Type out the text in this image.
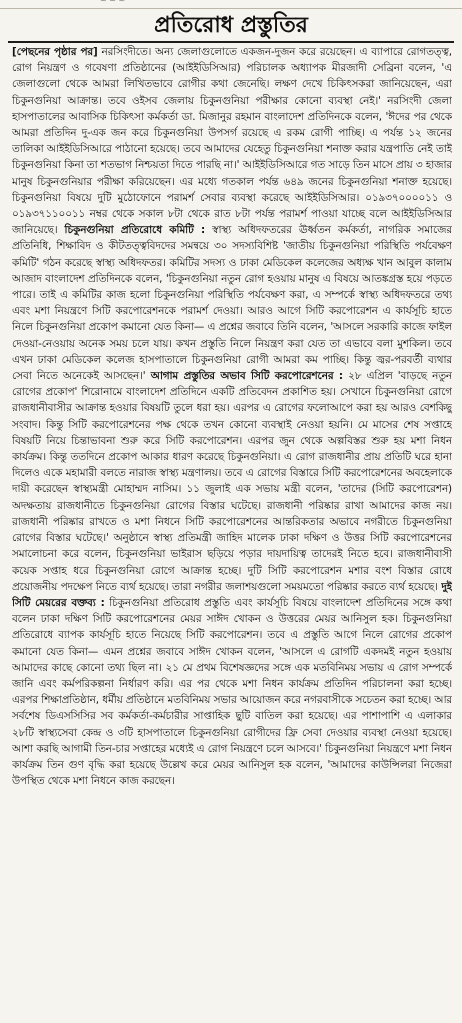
~ ~ ~
প্রতিরোধ প্রস্তুতির

[পেছনের পৃষ্ঠার পর] নরসিংদীতে। অন্য জেলাগুলোতে একজন-দুজন করে রয়েছেন। এ ব্যাপারে রোগতত্ত্ব, রোগ নিয়ন্ত্রণ ও গবেষণা প্রতিষ্ঠানের (আইইডিসিআর) পরিচালক অধ্যাপক মীরজাদী সেব্রিনা বলেন, 'এ জেলাগুলো থেকে আমরা লিখিতভাবে রোগীর কথা জেনেছি। লক্ষণ দেখে চিকিৎসকরা জানিয়েছেন, এরা চিকুনগুনিয়া আক্রান্ত। তবে ওইসব জেলায় চিকুনগুনিয়া পরীক্ষার কোনো ব্যবস্থা নেই।' নরসিংদী জেলা হাসপাতালের আবাসিক চিকিৎসা কর্মকর্তা ডা. মিজানুর রহমান বাংলাদেশ প্রতিদিনকে বলেন, 'ঈদের পর থেকে আমরা প্রতিদিন দু-এক জন করে চিকুনগুনিয়া উপসর্গ রয়েছে এ রকম রোগী পাচ্ছি। এ পর্যন্ত ১২ জনের তালিকা আইইডিসিআরে পাঠানো হয়েছে। তবে আমাদের যেহেতু চিকুনগুনিয়া শনাক্ত করার যন্ত্রপাতি নেই তাই চিকুনগুনিয়া কিনা তা শতভাগ নিশ্চয়তা দিতে পারছি না।' আইইডিসিআরে গত সাড়ে তিন মাসে প্রায় ৩ হাজার মানুষ চিকুনগুনিয়ার পরীক্ষা করিয়েছেন। এর মধ্যে গতকাল পর্যন্ত ৬৪৯ জনের চিকুনগুনিয়া শনাক্ত হয়েছে। চিকুনগুনিয়া বিষয়ে দুটি মুঠোফোনে পরামর্শ সেবার ব্যবস্থা করেছে আইইডিসিআর। ০১৯৩৭০০০০১১ ও ০১৯৩৭১১০০১১ নম্বর থেকে সকাল ৮টা থেকে রাত ৮টা পর্যন্ত পরামর্শ পাওয়া যাচ্ছে বলে আইইডিসিআর জানিয়েছে। চিকুনগুনিয়া প্রতিরোধে কমিটি : স্বাস্থ্য অধিদফতরের ঊর্ধ্বতন কর্মকর্তা, নাগরিক সমাজের প্রতিনিধি, শিক্ষাবিদ ও কীটতত্ত্ববিদদের সমন্বয়ে ৩০ সদস্যবিশিষ্ট 'জাতীয় চিকুনগুনিয়া পরিস্থিতি পর্যবেক্ষণ কমিটি' গঠন করেছে স্বাস্থ্য অধিদফতর। কমিটির সদস্য ও ঢাকা মেডিকেল কলেজের অধ্যক্ষ খান আবুল কালাম আজাদ বাংলাদেশ প্রতিদিনকে বলেন, 'চিকুনগুনিয়া নতুন রোগ হওয়ায় মানুষ এ বিষয়ে আতঙ্কগ্রস্ত হয়ে পড়তে পারে। তাই এ কমিটির কাজ হলো চিকুনগুনিয়া পরিস্থিতি পর্যবেক্ষণ করা, এ সম্পর্কে স্বাস্থ্য অধিদফতরে তথ্য এবং মশা নিয়ন্ত্রণে সিটি করপোরেশনকে পরামর্শ দেওয়া। আরও আগে সিটি করপোরেশন এ কার্যসূচি হাতে নিলে চিকুনগুনিয়া প্রকোপ কমানো যেত কিনা— এ প্রশ্নের জবাবে তিনি বলেন, 'আসলে সরকারি কাজে ফাইল দেওয়া-নেওয়ায় অনেক সময় চলে যায়। কখন প্রস্তুতি নিলে নিয়ন্ত্রণ করা যেত তা এভাবে বলা মুশকিল। তবে এখন ঢাকা মেডিকেল কলেজ হাসপাতালে চিকুনগুনিয়া রোগী আমরা কম পাচ্ছি। কিন্তু জ্বর-পরবর্তী ব্যথার সেবা নিতে অনেকেই আসছেন।' আগাম প্রস্তুতির অভাব সিটি করপোরেশনের : ২৮ এপ্রিল 'বাড়ছে নতুন রোগের প্রকোপ' শিরোনামে বাংলাদেশ প্রতিদিনে একটি প্রতিবেদন প্রকাশিত হয়। সেখানে চিকুনগুনিয়া রোগে রাজধানীবাসীর আক্রান্ত হওয়ার বিষয়টি তুলে ধরা হয়। এরপর এ রোগের ফলোআপে করা হয় আরও বেশকিছু সংবাদ। কিন্তু সিটি করপোরেশনের পক্ষ থেকে তখন কোনো ব্যবস্থাই নেওয়া হয়নি। মে মাসের শেষ সপ্তাহে বিষয়টি নিয়ে চিন্তাভাবনা শুরু করে সিটি করপোরেশন। এরপর জুন থেকে অল্পবিস্তর শুরু হয় মশা নিধন কার্যক্রম। কিন্তু ততদিনে প্রকোপ আকার ধারণ করেছে চিকুনগুনিয়া। এ রোগ রাজধানীর প্রায় প্রতিটি ঘরে হানা দিলেও একে মহামারী বলতে নারাজ স্বাস্থ্য মন্ত্রণালয়। তবে এ রোগের বিস্তারে সিটি করপোরেশনের অবহেলাকে দায়ী করেছেন স্বাস্থ্যমন্ত্রী মোহাম্মদ নাসিম। ১১ জুলাই এক সভায় মন্ত্রী বলেন, 'তাদের (সিটি করপোরেশন) অদক্ষতায় রাজধানীতে চিকুনগুনিয়া রোগের বিস্তার ঘটেছে। রাজধানী পরিষ্কার রাখা আমাদের কাজ নয়। রাজধানী পরিষ্কার রাখতে ও মশা নিধনে সিটি করপোরেশনের আন্তরিকতার অভাবে নগরীতে চিকুনগুনিয়া রোগের বিস্তার ঘটেছে।' অনুষ্ঠানে স্বাস্থ্য প্রতিমন্ত্রী জাহিদ মালেক ঢাকা দক্ষিণ ও উত্তর সিটি করপোরেশনের সমালোচনা করে বলেন, চিকুনগুনিয়া ভাইরাস ছড়িয়ে পড়ার দায়দায়িত্ব তাদেরই নিতে হবে। রাজধানীবাসী কয়েক সপ্তাহ ধরে চিকুনগুনিয়া রোগে আক্রান্ত হচ্ছে। দুটি সিটি করপোরেশন মশার বংশ বিস্তার রোধে প্রয়োজনীয় পদক্ষেপ নিতে ব্যর্থ হয়েছে। তারা নগরীর জলাশয়গুলো সময়মতো পরিষ্কার করতে ব্যর্থ হয়েছে। দুই সিটি মেয়রের বক্তব্য : চিকুনগুনিয়া প্রতিরোধ প্রস্তুতি এবং কার্যসূচি বিষয়ে বাংলাদেশ প্রতিদিনের সঙ্গে কথা বলেন ঢাকা দক্ষিণ সিটি করপোরেশনের মেয়র সাঈদ খোকন ও উত্তরের মেয়র আনিসুল হক। চিকুনগুনিয়া প্রতিরোধে ব্যাপক কার্যসূচি হাতে নিয়েছে সিটি করপোরেশন। তবে এ প্রস্তুতি আগে নিলে রোগের প্রকোপ কমানো যেত কিনা— এমন প্রশ্নের জবাবে সাঈদ খোকন বলেন, 'আসলে এ রোগটি একদমই নতুন হওয়ায় আমাদের কাছে কোনো তথ্য ছিল না। ২১ মে প্রথম বিশেষজ্ঞদের সঙ্গে এক মতবিনিময় সভায় এ রোগ সম্পর্কে জানি এবং কর্মপরিকল্পনা নির্ধারণ করি। এর পর থেকে মশা নিধন কার্যক্রম প্রতিদিন পরিচালনা করা হচ্ছে। এরপর শিক্ষাপ্রতিষ্ঠান, ধর্মীয় প্রতিষ্ঠানে মতবিনিময় সভার আয়োজন করে নগরবাসীকে সচেতন করা হচ্ছে। আর সর্বশেষ ডিএসসিসির সব কর্মকর্তা-কর্মচারীর সাপ্তাহিক ছুটি বাতিল করা হয়েছে। এর পাশাপাশি এ এলাকার ২৮টি স্বাস্থ্যসেবা কেন্দ্র ও ৩টি হাসপাতালে চিকুনগুনিয়া রোগীদের ফ্রি সেবা দেওয়ার ব্যবস্থা নেওয়া হয়েছে। আশা করছি আগামী তিন-চার সপ্তাহের মধ্যেই এ রোগ নিয়ন্ত্রণে চলে আসবে।' চিকুনগুনিয়া নিয়ন্ত্রণে মশা নিধন কার্যক্রম তিন গুণ বৃদ্ধি করা হয়েছে উল্লেখ করে মেয়র আনিসুল হক বলেন, 'আমাদের কাউন্সিলরা নিজেরা উপস্থিত থেকে মশা নিধনে কাজ করছেন।
